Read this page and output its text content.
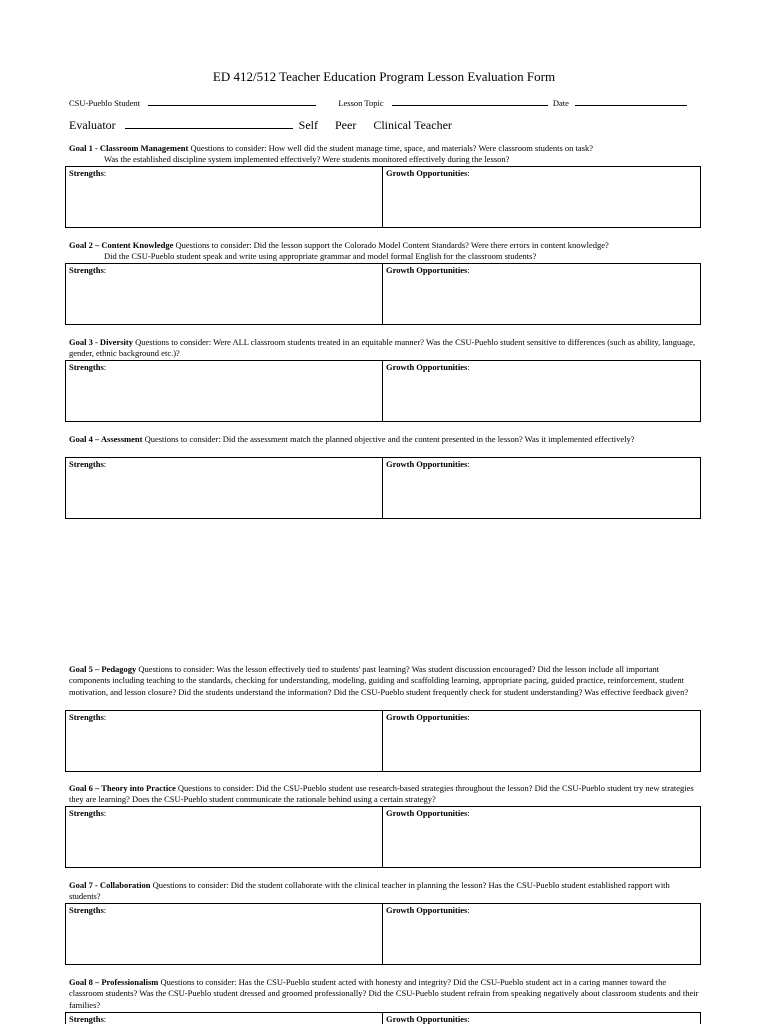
ED 412/512 Teacher Education Program Lesson Evaluation Form
CSU-Pueblo Student	Lesson Topic	Date
Evaluator	Self Peer Clinical Teacher
Goal 1 - Classroom Management Questions to consider: How well did the student manage time, space, and materials? Were classroom students on task?
Was the established discipline system implemented effectively? Were students monitored effectively during the lesson?
Strengths:	Growth Opportunities:
Goal 2 – Content Knowledge Questions to consider: Did the lesson support the Colorado Model Content Standards? Were there errors in content knowledge?
Did the CSU-Pueblo student speak and write using appropriate grammar and model formal English for the classroom students?
Strengths:	Growth Opportunities:
Goal 3 - Diversity Questions to consider: Were ALL classroom students treated in an equitable manner? Was the CSU-Pueblo student sensitive to differences (such as ability, language, gender, ethnic background etc.)?
Strengths:	Growth Opportunities:
Goal 4 – Assessment Questions to consider: Did the assessment match the planned objective and the content presented in the lesson? Was it implemented effectively?
Strengths:	Growth Opportunities:
Goal 5 – Pedagogy Questions to consider: Was the lesson effectively tied to students' past learning? Was student discussion encouraged? Did the lesson include all important components including teaching to the standards, checking for understanding, modeling, guiding and scaffolding learning, appropriate pacing, guided practice, reinforcement, student motivation, and lesson closure? Did the students understand the information? Did the CSU-Pueblo student frequently check for student understanding? Was effective feedback given?
Strengths:	Growth Opportunities:
Goal 6 – Theory into Practice Questions to consider: Did the CSU-Pueblo student use research-based strategies throughout the lesson? Did the CSU-Pueblo student try new strategies they are learning? Does the CSU-Pueblo student communicate the rationale behind using a certain strategy?
Strengths:	Growth Opportunities:
Goal 7 - Collaboration Questions to consider: Did the student collaborate with the clinical teacher in planning the lesson? Has the CSU-Pueblo student established rapport with students?
Strengths:	Growth Opportunities:
Goal 8 – Professionalism Questions to consider: Has the CSU-Pueblo student acted with honesty and integrity? Did the CSU-Pueblo student act in a caring manner toward the classroom students? Was the CSU-Pueblo student dressed and groomed professionally? Did the CSU-Pueblo student refrain from speaking negatively about classroom students and their families?
Strengths:	Growth Opportunities:
